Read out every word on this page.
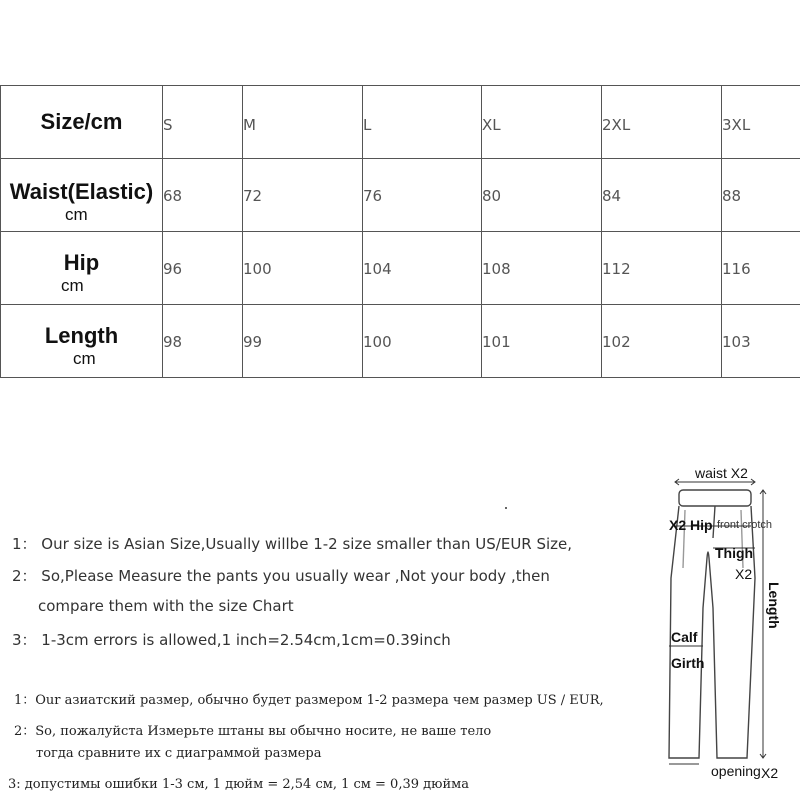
Size/cm	S	M	L	XL	2XL	3XL

Waist(Elastic)
cm	68	72	76	80	84	88

Hip
cm	96	100	104	108	112	116

Length
cm	98	99	100	101	102	103
1： Our size is Asian Size,Usually willbe 1-2 size smaller than US/EUR Size,
2： So,Please Measure the pants you usually wear ,Not your body ,then
compare them with the size Chart
3： 1-3cm errors is allowed,1 inch=2.54cm,1cm=0.39inch
1：Our азиатский размер, обычно будет размером 1-2 размера чем размер US / EUR,
2：So, пожалуйста Измерьте штаны вы обычно носите, не ваше тело
тогда сравните их с диаграммой размера
3: допустимы ошибки 1-3 см, 1 дюйм = 2,54 см, 1 см = 0,39 дюйма
waist X2
X2 Hip front crotch
Thigh
X2
Length
Calf
Girth
opening X2
